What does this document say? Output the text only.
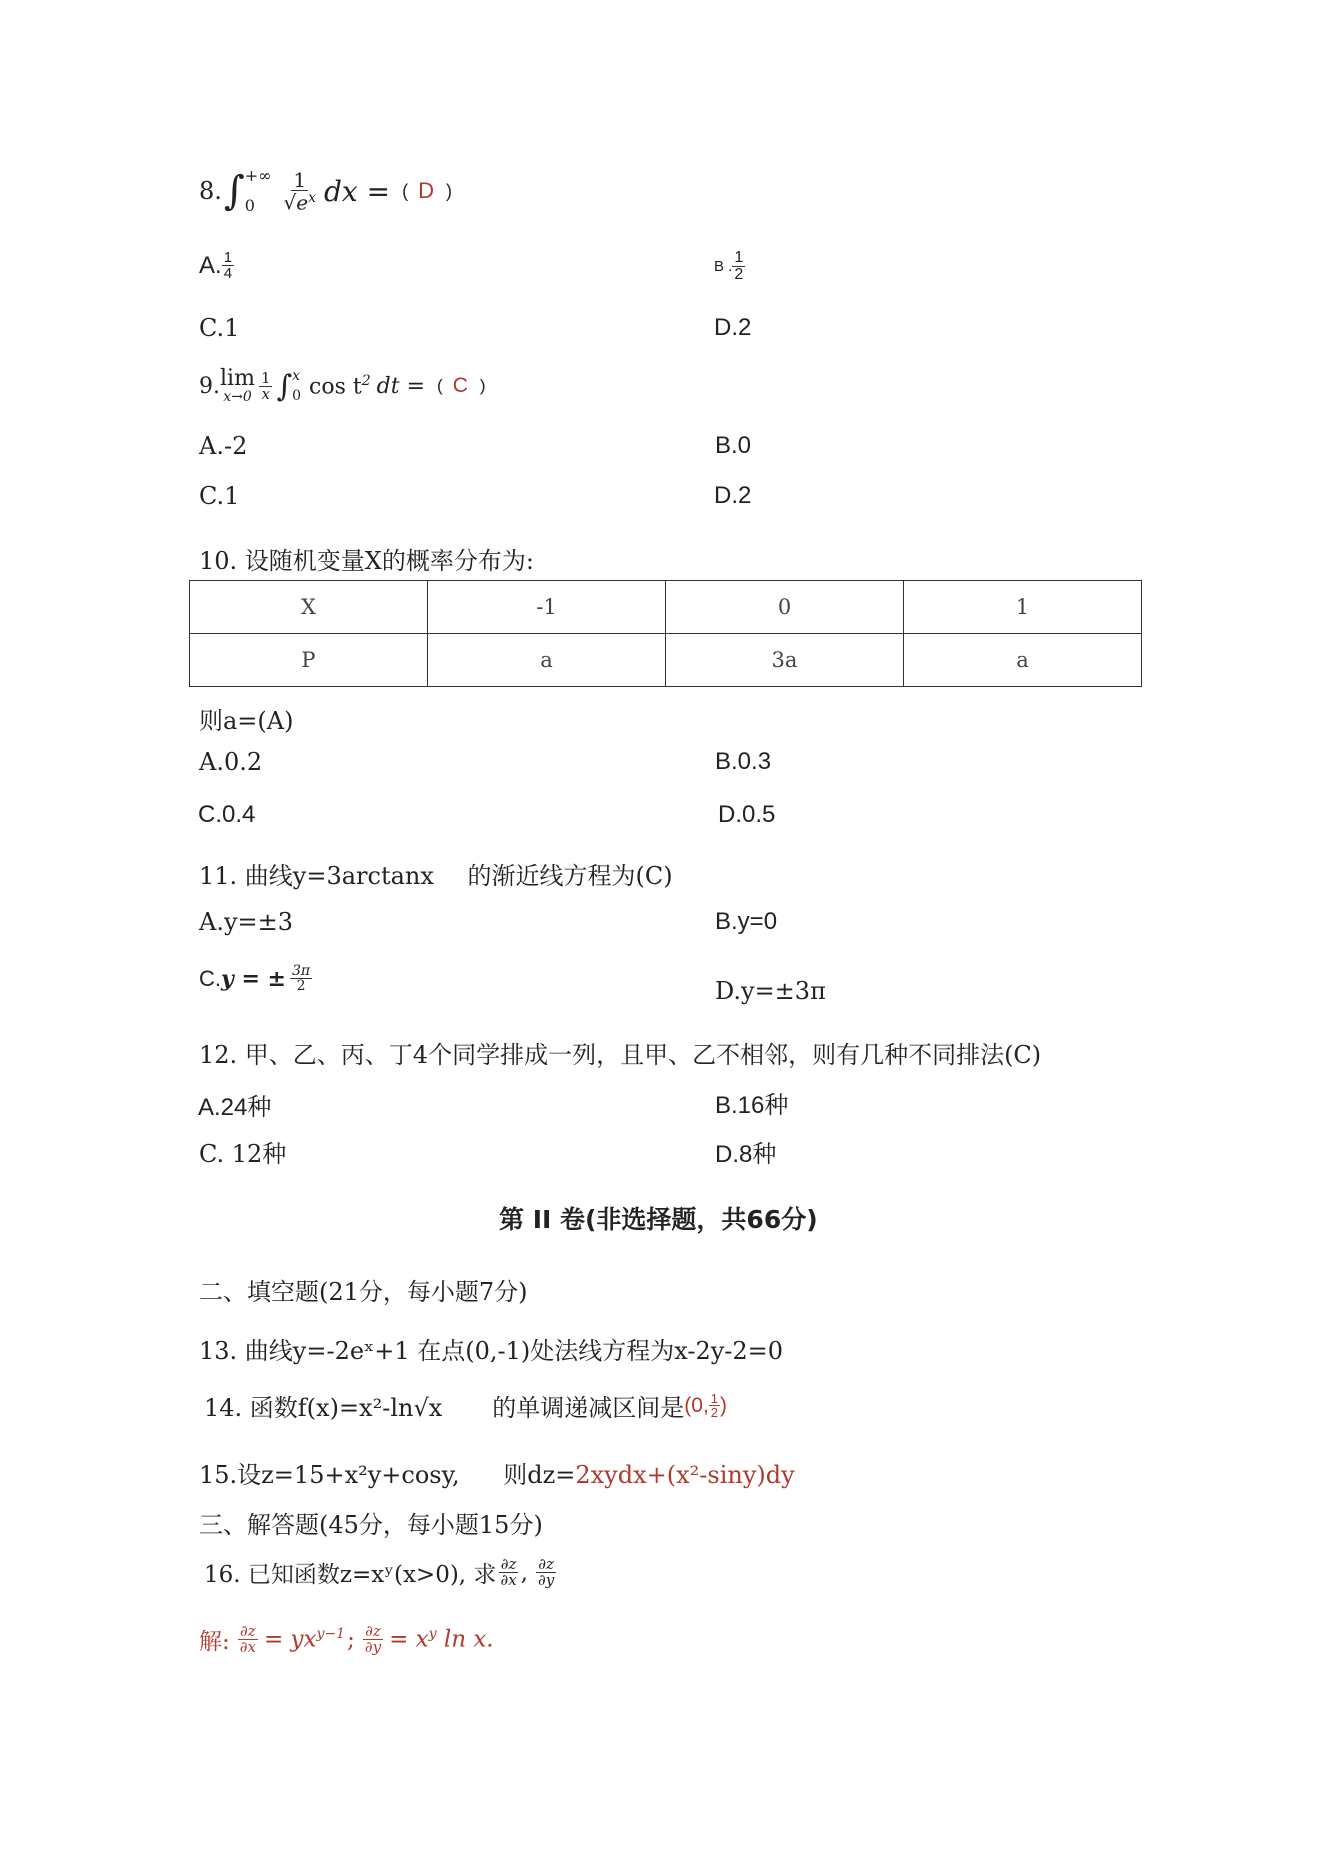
8. ∫ +∞
0	$\frac{1}{√e^x}$ dx = ( D )
A. $\frac{1}{4}$	B . $\frac{1}{2}$
C.1	D.2
9. lim
$x\to 0 \frac{1}{x}$ ∫ x
0 $\cos t^2$ dt = ( C )
A.-2	B.0
C.1	D.2
10. 设随机变量X的概率分布为:
X	-1	0	1
P	a	3a	a
则a=(A)
A.0.2	B.0.3
C.0.4	D.0.5
11. 曲线y=3arctanx 的渐近线方程为(C)
A.y=±3	B.y=0
C. y = ± $\frac{3\pi}{2}$	D.y=±3π
12. 甲、乙、丙、丁4个同学排成一列，且甲、乙不相邻，则有几种不同排法(C)
A.24种	B.16种
C. 12种	D.8种
第 II 卷(非选择题，共66分)
二、填空题(21分，每小题7分)
13. 曲线y=-2eˣ+1 在点(0,-1)处法线方程为x-2y-2=0
14. 函数f(x)=x²-ln√x 的单调递减区间是 (0, $\frac{1}{2}$ )
15.设z=15+x²y+cosy, 则dz=2xydx+(x²-siny)dy
三、解答题(45分，每小题15分)
16. 已知函数z=xʸ(x>0), 求 $\frac{\partial z}{\partial x}$ , $\frac{\partial z}{\partial y}$
解: $\frac{\partial z}{\partial x} = yx^{y-1}$ ; $\frac{\partial z}{\partial y} = x^y$ ln x.
